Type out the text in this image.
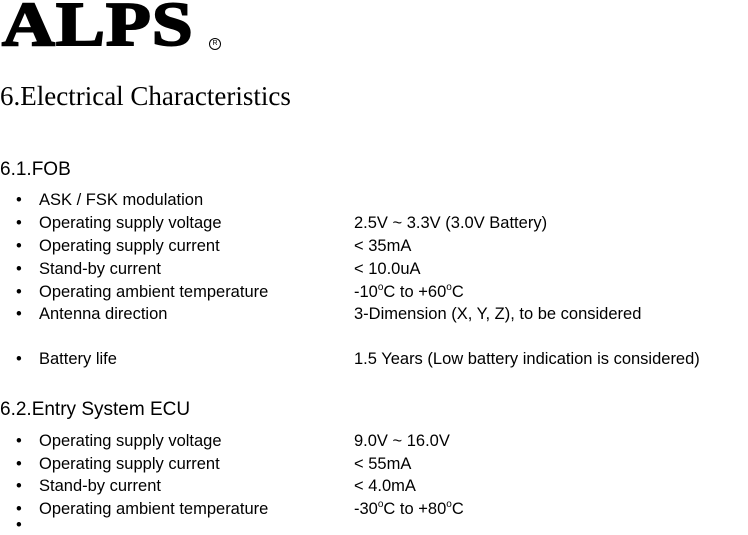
ALPS	R
6.Electrical Characteristics
6.1.FOB
• ASK / FSK modulation
• Operating supply voltage	2.5V ~ 3.3V (3.0V Battery)
• Operating supply current	< 35mA
• Stand-by current	< 10.0uA
• Operating ambient temperature	-10$^o$C to $+60^oC$
• Antenna direction	3-Dimension (X, Y, Z), to be considered
• Battery life	1.5 Years (Low battery indication is considered)
6.2.Entry System ECU
• Operating supply voltage	9.0V ~ 16.0V
• Operating supply current	< 55mA
• Stand-by current	< 4.0mA
• Operating ambient temperature	-30$^o$C to $+80^oC$
•
